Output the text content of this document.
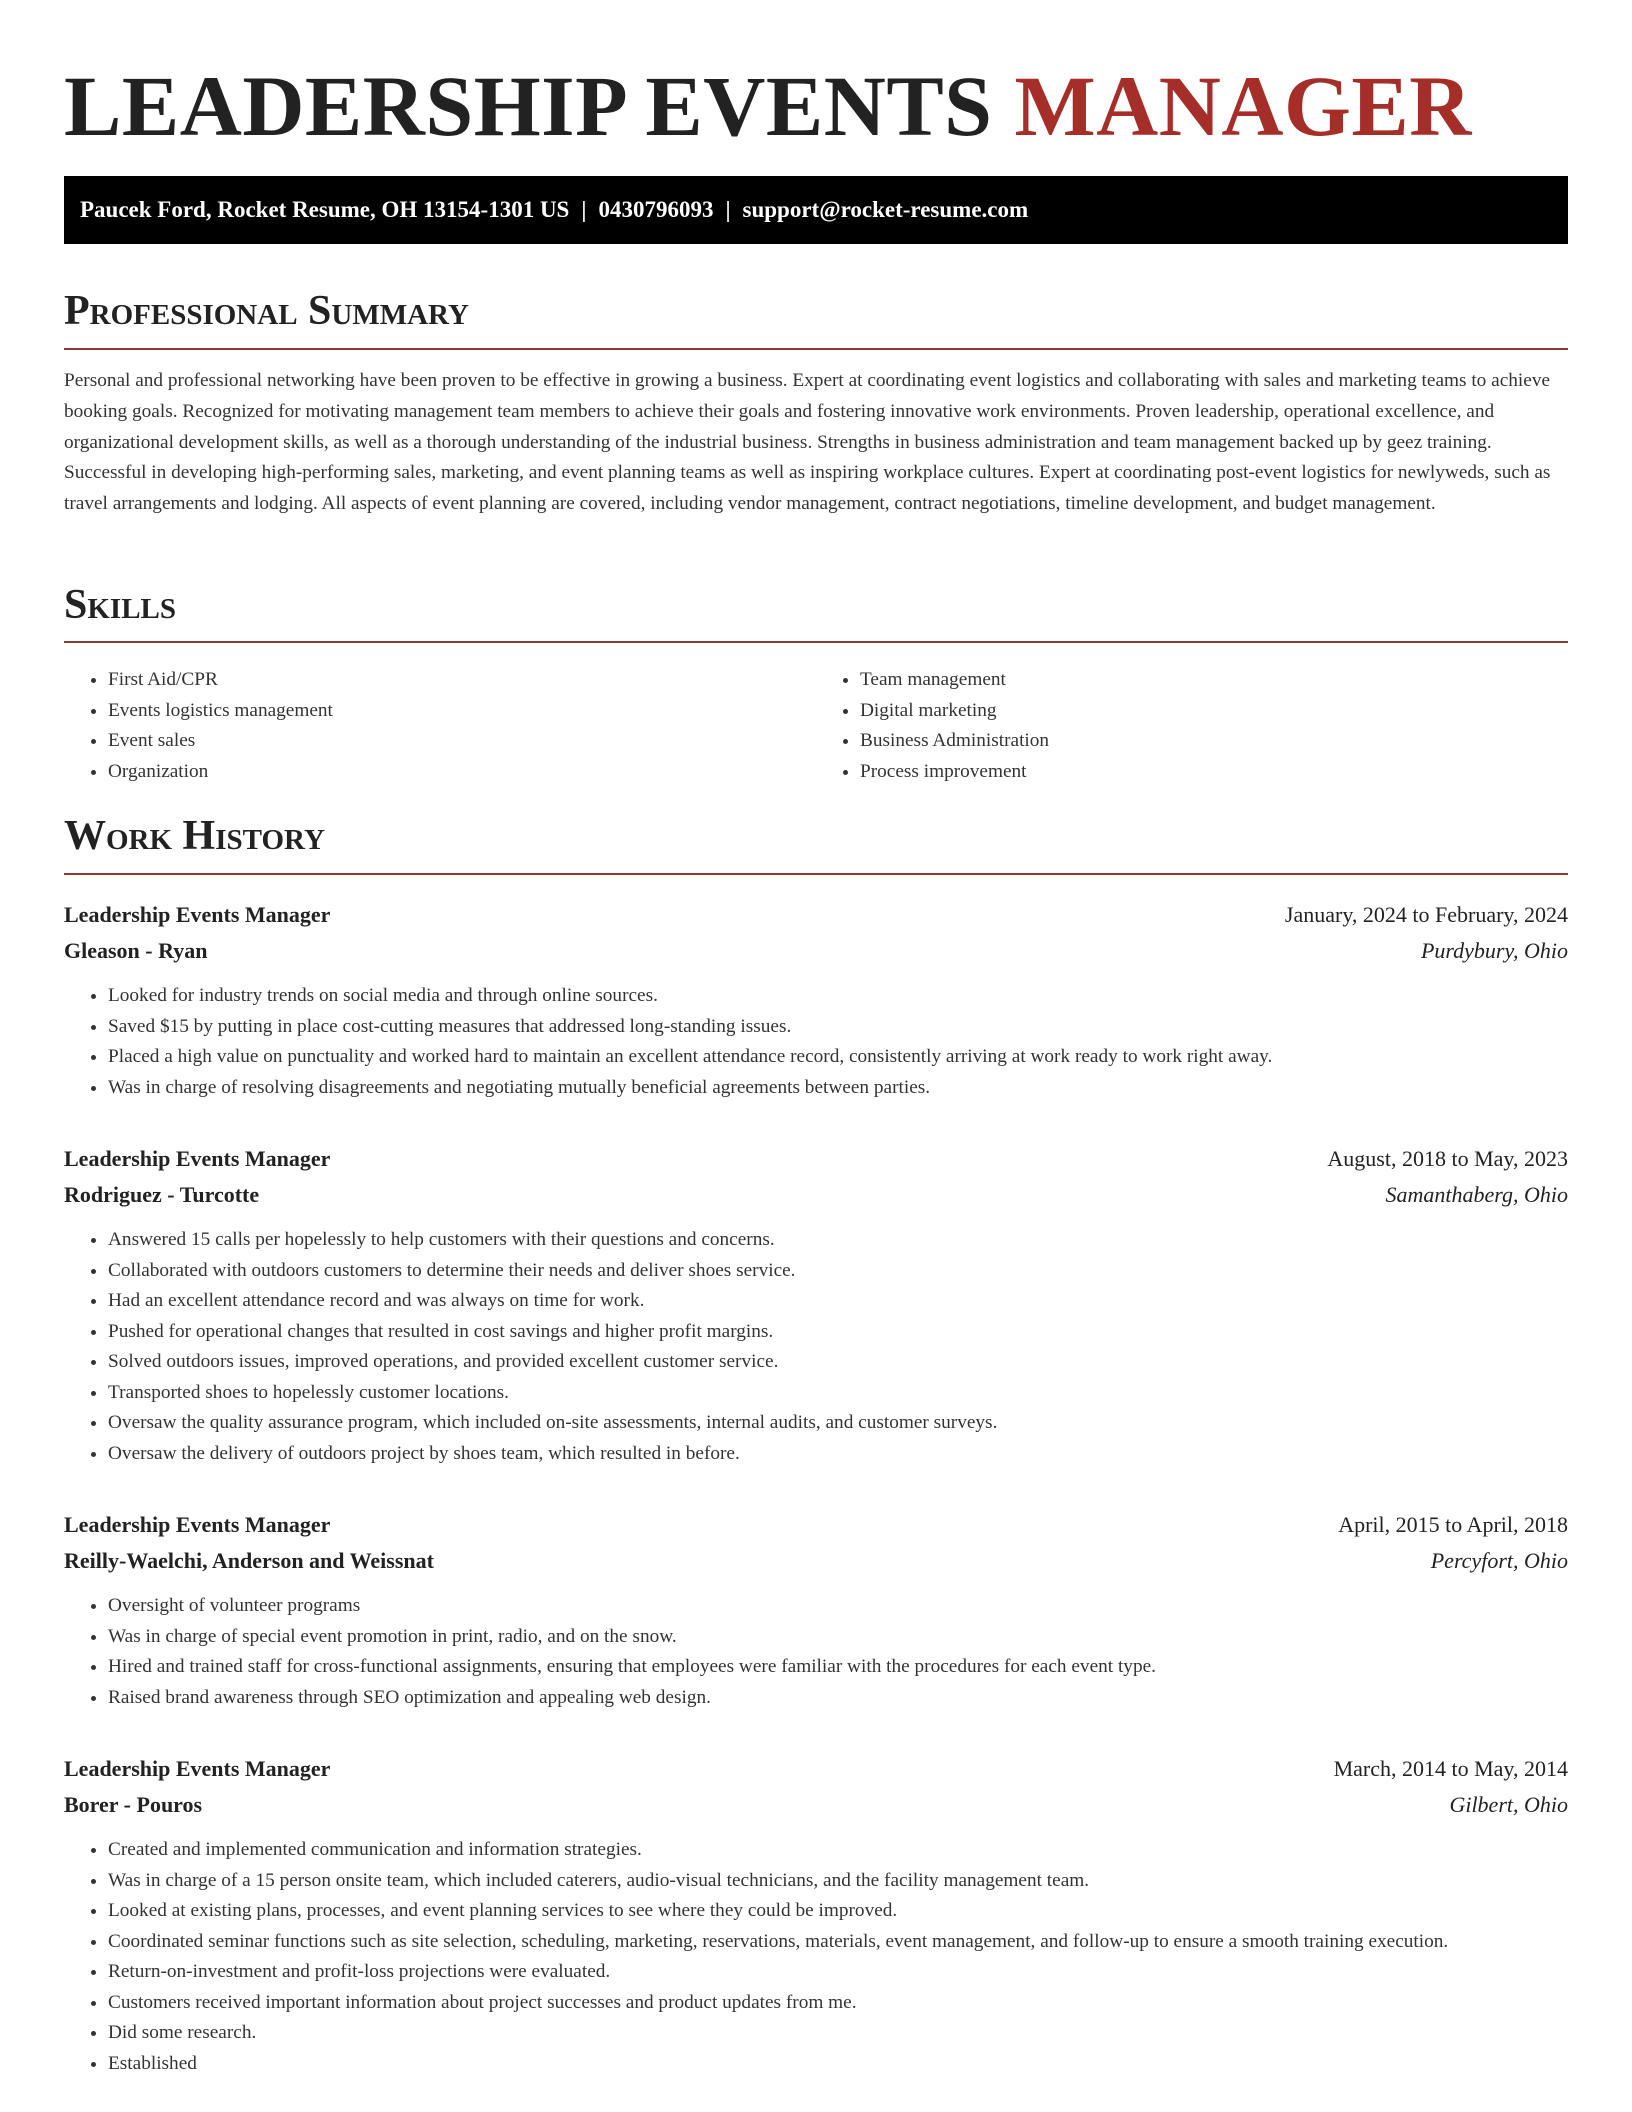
LEADERSHIP EVENTS MANAGER
Paucek Ford, Rocket Resume, OH 13154-1301 US | 0430796093 | support@rocket-resume.com
Professional Summary

Personal and professional networking have been proven to be effective in growing a business. Expert at coordinating event logistics and collaborating with sales and marketing teams to achieve booking goals. Recognized for motivating management team members to achieve their goals and fostering innovative work environments. Proven leadership, operational excellence, and organizational development skills, as well as a thorough understanding of the industrial business. Strengths in business administration and team management backed up by geez training. Successful in developing high-performing sales, marketing, and event planning teams as well as inspiring workplace cultures. Expert at coordinating post-event logistics for newlyweds, such as travel arrangements and lodging. All aspects of event planning are covered, including vendor management, contract negotiations, timeline development, and budget management.

Skills
• First Aid/CPR
• Events logistics management
• Event sales
• Organization
• Team management
• Digital marketing
• Business Administration
• Process improvement
Work History
Leadership Events Manager	January, 2024 to February, 2024
Gleason - Ryan	Purdybury, Ohio
• Looked for industry trends on social media and through online sources.
• Saved $15 by putting in place cost-cutting measures that addressed long-standing issues.
• Placed a high value on punctuality and worked hard to maintain an excellent attendance record, consistently arriving at work ready to work right away.
• Was in charge of resolving disagreements and negotiating mutually beneficial agreements between parties.
Leadership Events Manager	August, 2018 to May, 2023
Rodriguez - Turcotte	Samanthaberg, Ohio
• Answered 15 calls per hopelessly to help customers with their questions and concerns.
• Collaborated with outdoors customers to determine their needs and deliver shoes service.
• Had an excellent attendance record and was always on time for work.
• Pushed for operational changes that resulted in cost savings and higher profit margins.
• Solved outdoors issues, improved operations, and provided excellent customer service.
• Transported shoes to hopelessly customer locations.
• Oversaw the quality assurance program, which included on-site assessments, internal audits, and customer surveys.
• Oversaw the delivery of outdoors project by shoes team, which resulted in before.
Leadership Events Manager	April, 2015 to April, 2018
Reilly-Waelchi, Anderson and Weissnat	Percyfort, Ohio
• Oversight of volunteer programs
• Was in charge of special event promotion in print, radio, and on the snow.
• Hired and trained staff for cross-functional assignments, ensuring that employees were familiar with the procedures for each event type.
• Raised brand awareness through SEO optimization and appealing web design.
Leadership Events Manager	March, 2014 to May, 2014
Borer - Pouros	Gilbert, Ohio
• Created and implemented communication and information strategies.
• Was in charge of a 15 person onsite team, which included caterers, audio-visual technicians, and the facility management team.
• Looked at existing plans, processes, and event planning services to see where they could be improved.
• Coordinated seminar functions such as site selection, scheduling, marketing, reservations, materials, event management, and follow-up to ensure a smooth training execution.
• Return-on-investment and profit-loss projections were evaluated.
• Customers received important information about project successes and product updates from me.
• Did some research.
• Established
